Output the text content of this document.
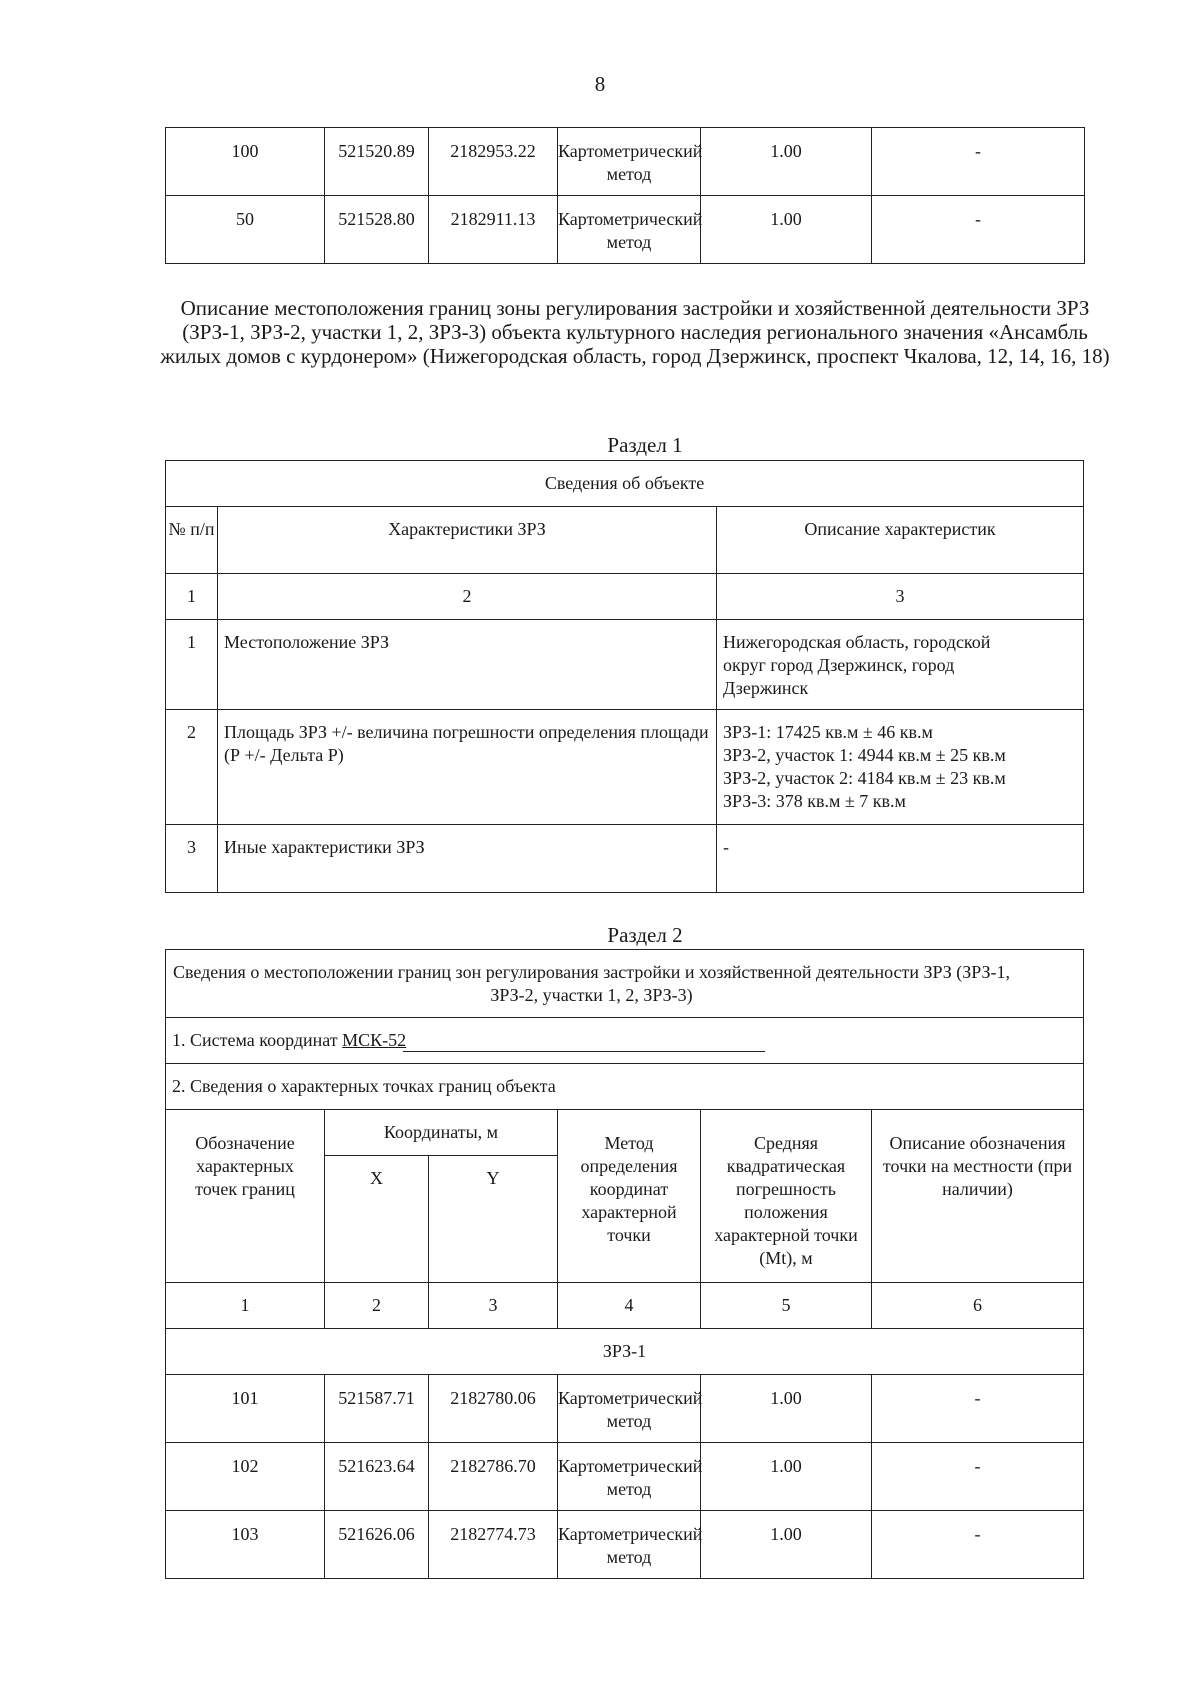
8
100	521520.89	2182953.22	Картометрический метод	1.00	-
50	521528.80	2182911.13	Картометрический метод	1.00	-
Описание местоположения границ зоны регулирования застройки и хозяйственной деятельности ЗРЗ (ЗРЗ-1, ЗРЗ-2, участки 1, 2, ЗРЗ-3) объекта культурного наследия регионального значения «Ансамбль жилых домов с курдонером» (Нижегородская область, город Дзержинск, проспект Чкалова, 12, 14, 16, 18)
Раздел 1
Сведения об объекте		
№ п/п	Характеристики ЗРЗ	Описание характеристик
1	2	3
1	Местоположение ЗРЗ	Нижегородская область, городской
округ город Дзержинск, город
Дзержинск

2	Площадь ЗРЗ +/- величина погрешности определения площади (Р +/- Дельта Р)	ЗРЗ-1: 17425 кв.м ± 46 кв.м
ЗРЗ-2, участок 1: 4944 кв.м ± 25 кв.м
ЗРЗ-2, участок 2: 4184 кв.м ± 23 кв.м
ЗРЗ-3: 378 кв.м ± 7 кв.м

3	Иные характеристики ЗРЗ	-
Раздел 2
Сведения о местоположении границ зон регулирования застройки и хозяйственной деятельности ЗРЗ (ЗРЗ-1, ЗРЗ-2, участки 1, 2, ЗРЗ-3)					
1. Система координат МСК-52					
2. Сведения о характерных точках границ объекта					
Обозначение характерных точек границ	Координаты, м		Метод определения координат характерной точки	Средняя квадратическая погрешность положения характерной точки (Mt), м	Описание обозначения точки на местности (при наличии)
	X	Y			
1	2	3	4	5	6
ЗРЗ-1					
101	521587.71	2182780.06	Картометрический метод	1.00	-
102	521623.64	2182786.70	Картометрический метод	1.00	-
103	521626.06	2182774.73	Картометрический метод	1.00	-
